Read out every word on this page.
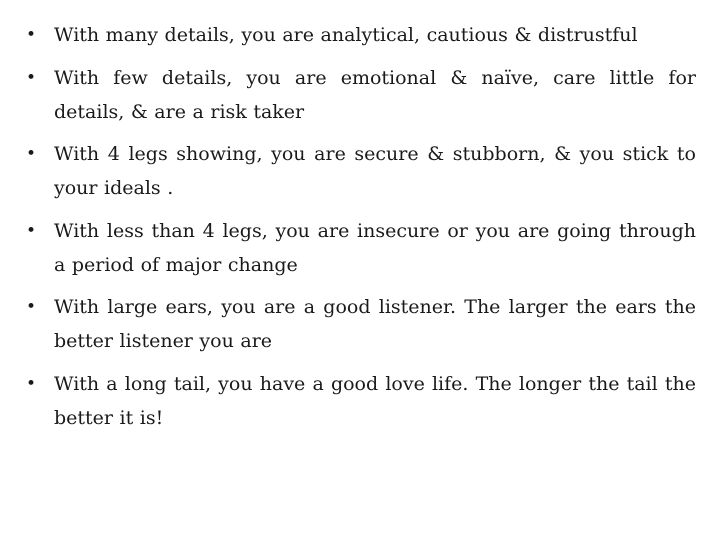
• With many details, you are analytical, cautious & distrustful
• With few details, you are emotional & naïve, care little for details, & are a risk taker
• With 4 legs showing, you are secure & stubborn, & you stick to your ideals .
• With less than 4 legs, you are insecure or you are going through a period of major change
• With large ears, you are a good listener. The larger the ears the better listener you are
• With a long tail, you have a good love life. The longer the tail the better it is!
